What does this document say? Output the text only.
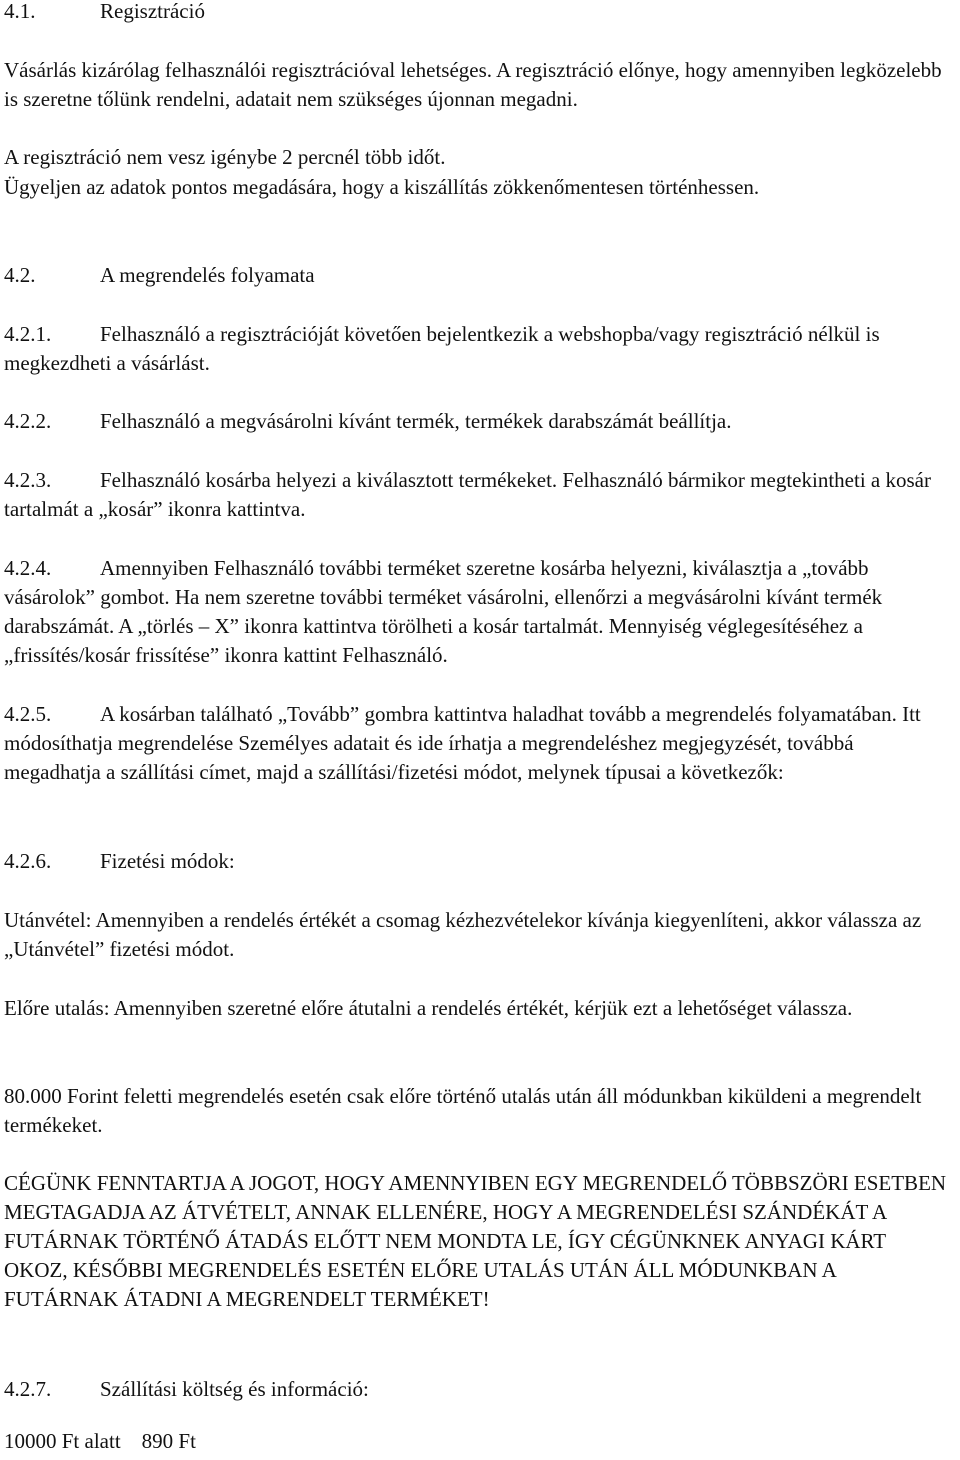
4.1.	Regisztráció

Vásárlás kizárólag felhasználói regisztrációval lehetséges. A regisztráció előnye, hogy amennyiben legközelebb is szeretne tőlünk rendelni, adatait nem szükséges újonnan megadni.

A regisztráció nem vesz igénybe 2 percnél több időt.

Ügyeljen az adatok pontos megadására, hogy a kiszállítás zökkenőmentesen történhessen.

4.2.	A megrendelés folyamata

4.2.1. Felhasználó a regisztrációját követően bejelentkezik a webshopba/vagy regisztráció nélkül is megkezdheti a vásárlást.

4.2.2. Felhasználó a megvásárolni kívánt termék, termékek darabszámát beállítja.

4.2.3. Felhasználó kosárba helyezi a kiválasztott termékeket. Felhasználó bármikor megtekintheti a kosár tartalmát a „kosár” ikonra kattintva.

4.2.4. Amennyiben Felhasználó további terméket szeretne kosárba helyezni, kiválasztja a „tovább vásárolok” gombot. Ha nem szeretne további terméket vásárolni, ellenőrzi a megvásárolni kívánt termék darabszámát. A „törlés – X” ikonra kattintva törölheti a kosár tartalmát. Mennyiség véglegesítéséhez a „frissítés/kosár frissítése” ikonra kattint Felhasználó.

4.2.5. A kosárban található „Tovább” gombra kattintva haladhat tovább a megrendelés folyamatában. Itt módosíthatja megrendelése Személyes adatait és ide írhatja a megrendeléshez megjegyzését, továbbá megadhatja a szállítási címet, majd a szállítási/fizetési módot, melynek típusai a következők:

4.2.6. Fizetési módok:

Utánvétel: Amennyiben a rendelés értékét a csomag kézhezvételekor kívánja kiegyenlíteni, akkor válassza az „Utánvétel” fizetési módot.

Előre utalás: Amennyiben szeretné előre átutalni a rendelés értékét, kérjük ezt a lehetőséget válassza.

80.000 Forint feletti megrendelés esetén csak előre történő utalás után áll módunkban kiküldeni a megrendelt termékeket.

CÉGÜNK FENNTARTJA A JOGOT, HOGY AMENNYIBEN EGY MEGRENDELŐ TÖBBSZÖRI ESETBEN MEGTAGADJA AZ ÁTVÉTELT, ANNAK ELLENÉRE, HOGY A MEGRENDELÉSI SZÁNDÉKÁT A FUTÁRNAK TÖRTÉNŐ ÁTADÁS ELŐTT NEM MONDTA LE, ÍGY CÉGÜNKNEK ANYAGI KÁRT OKOZ, KÉSŐBBI MEGRENDELÉS ESETÉN ELŐRE UTALÁS UTÁN ÁLL MÓDUNKBAN A FUTÁRNAK ÁTADNI A MEGRENDELT TERMÉKET!

4.2.7. Szállítási költség és információ:

10000 Ft alatt 890 Ft
